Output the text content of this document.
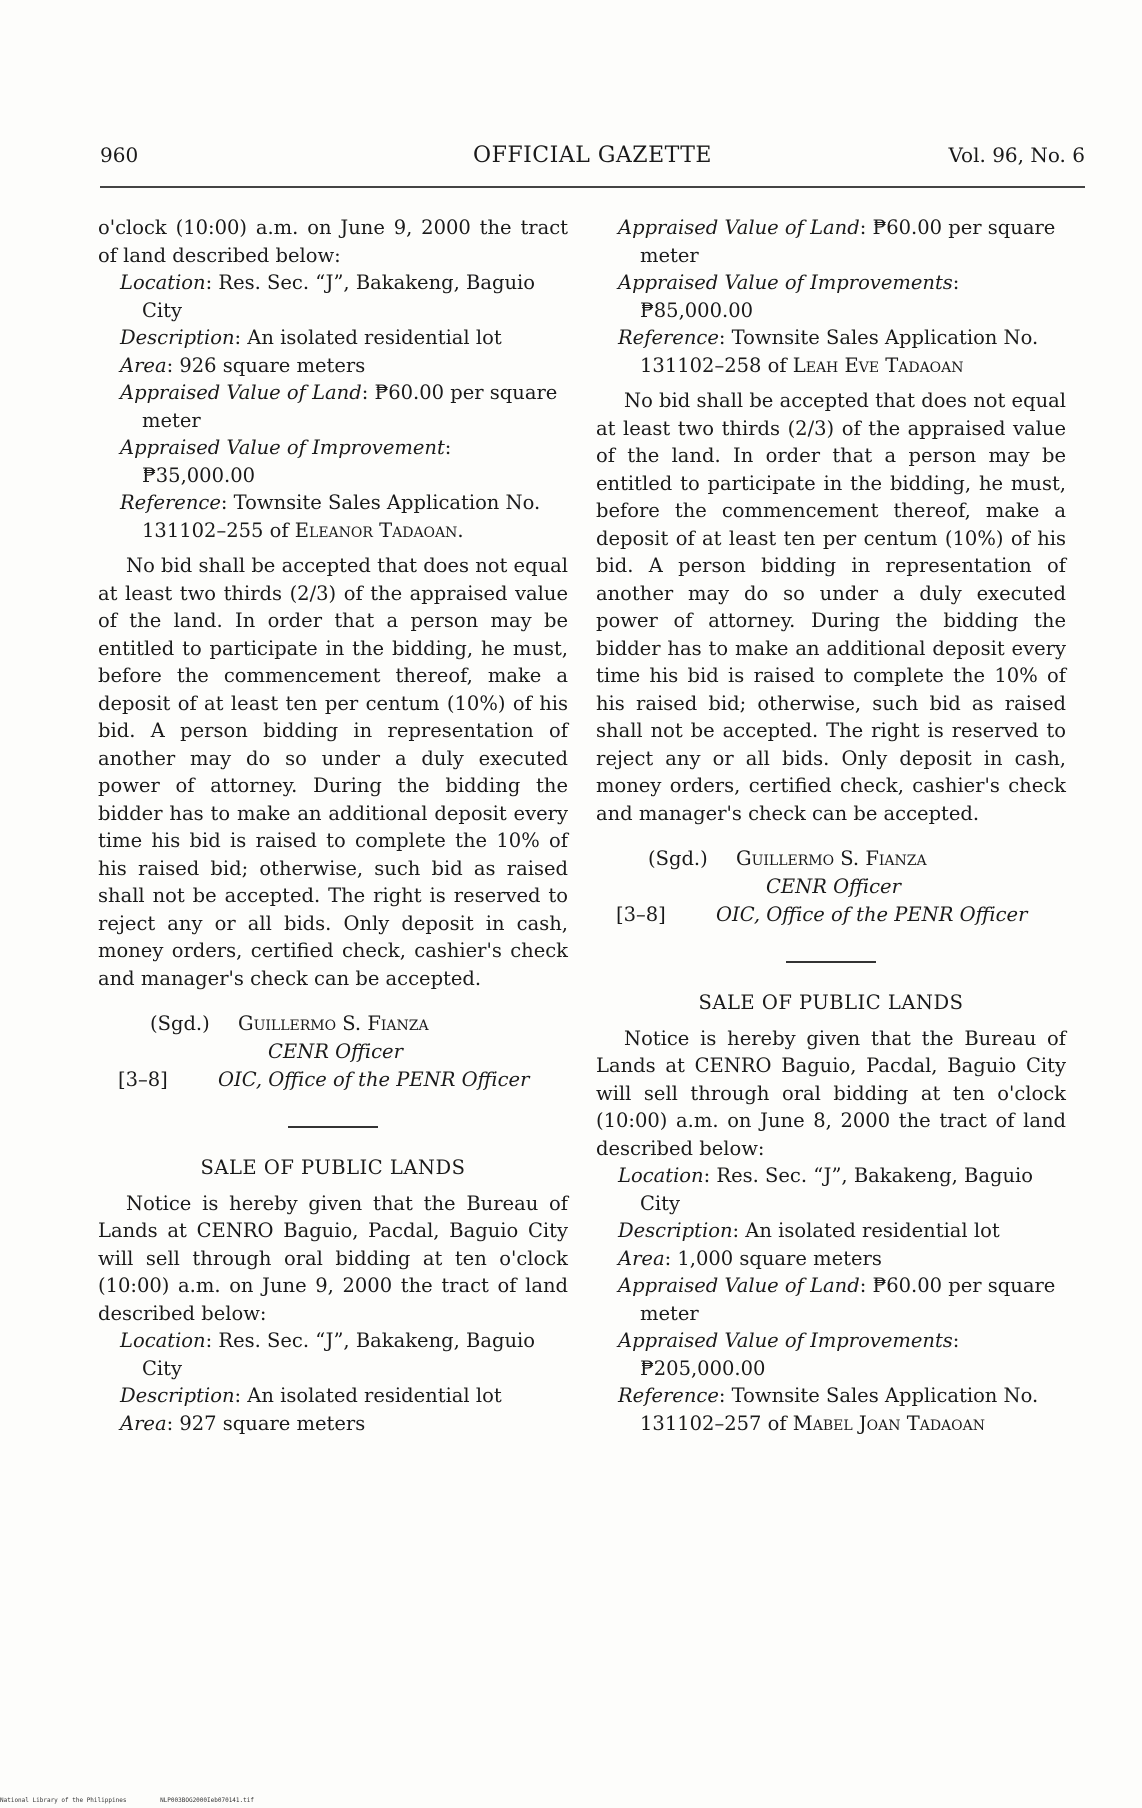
960	OFFICIAL GAZETTE	Vol. 96, No. 6

o'clock (10:00) a.m. on June 9, 2000 the tract of land described below:

Location: Res. Sec. “J”, Bakakeng, Baguio City

Description: An isolated residential lot

Area: 926 square meters

Appraised Value of Land: ₱60.00 per square meter

Appraised Value of Improvement: ₱35,000.00

Reference: Townsite Sales Application No. 131102–255 of Eleanor Tadaoan.

No bid shall be accepted that does not equal at least two thirds (2/3) of the appraised value of the land. In order that a person may be entitled to participate in the bidding, he must, before the commencement thereof, make a deposit of at least ten per centum (10%) of his bid. A person bidding in representation of another may do so under a duly executed power of attorney. During the bidding the bidder has to make an additional deposit every time his bid is raised to complete the 10% of his raised bid; otherwise, such bid as raised shall not be accepted. The right is reserved to reject any or all bids. Only deposit in cash, money orders, certified check, cashier's check and manager's check can be accepted.

(Sgd.) Guillermo S. Fianza
CENR Officer
[3–8]	OIC, Office of the PENR Officer

SALE OF PUBLIC LANDS

Notice is hereby given that the Bureau of Lands at CENRO Baguio, Pacdal, Baguio City will sell through oral bidding at ten o'clock (10:00) a.m. on June 9, 2000 the tract of land described below:

Location: Res. Sec. “J”, Bakakeng, Baguio City

Description: An isolated residential lot

Area: 927 square meters

Appraised Value of Land: ₱60.00 per square meter

Appraised Value of Improvements: ₱85,000.00

Reference: Townsite Sales Application No. 131102–258 of Leah Eve Tadaoan

No bid shall be accepted that does not equal at least two thirds (2/3) of the appraised value of the land. In order that a person may be entitled to participate in the bidding, he must, before the commencement thereof, make a deposit of at least ten per centum (10%) of his bid. A person bidding in representation of another may do so under a duly executed power of attorney. During the bidding the bidder has to make an additional deposit every time his bid is raised to complete the 10% of his raised bid; otherwise, such bid as raised shall not be accepted. The right is reserved to reject any or all bids. Only deposit in cash, money orders, certified check, cashier's check and manager's check can be accepted.

(Sgd.) Guillermo S. Fianza
CENR Officer
[3–8]	OIC, Office of the PENR Officer

SALE OF PUBLIC LANDS

Notice is hereby given that the Bureau of Lands at CENRO Baguio, Pacdal, Baguio City will sell through oral bidding at ten o'clock (10:00) a.m. on June 8, 2000 the tract of land described below:

Location: Res. Sec. “J”, Bakakeng, Baguio City

Description: An isolated residential lot

Area: 1,000 square meters

Appraised Value of Land: ₱60.00 per square meter

Appraised Value of Improvements: ₱205,000.00

Reference: Townsite Sales Application No. 131102–257 of Mabel Joan Tadaoan

National Library of the Philippines	NLP003BOG2000Ieb070141.tif
